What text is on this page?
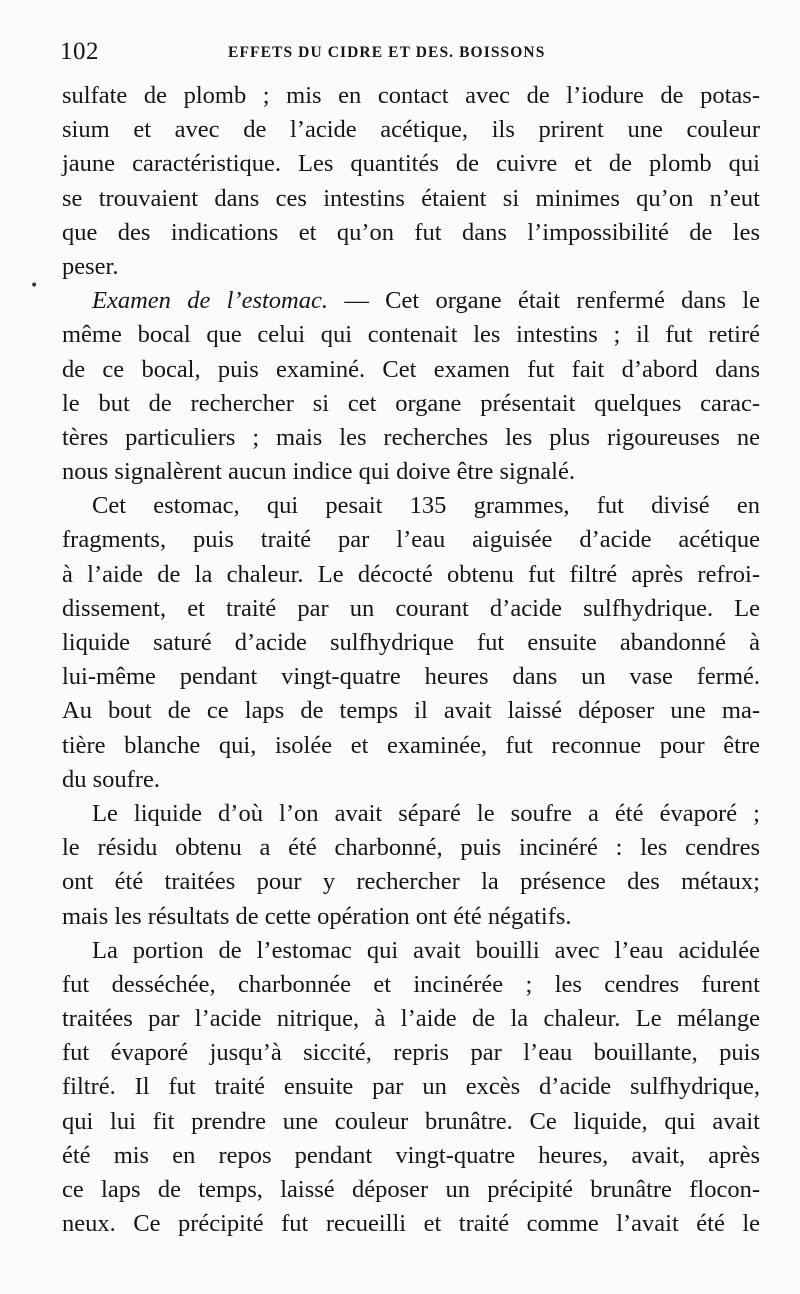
102	EFFETS DU CIDRE ET DES. BOISSONS
•
sulfate de plomb ; mis en contact avec de l’iodure de potas-
sium et avec de l’acide acétique, ils prirent une couleur
jaune caractéristique. Les quantités de cuivre et de plomb qui
se trouvaient dans ces intestins étaient si minimes qu’on n’eut
que des indications et qu’on fut dans l’impossibilité de les
peser.
Examen de l’estomac. — Cet organe était renfermé dans le
même bocal que celui qui contenait les intestins ; il fut retiré
de ce bocal, puis examiné. Cet examen fut fait d’abord dans
le but de rechercher si cet organe présentait quelques carac-
tères particuliers ; mais les recherches les plus rigoureuses ne
nous signalèrent aucun indice qui doive être signalé.
Cet estomac, qui pesait 135 grammes, fut divisé en
fragments, puis traité par l’eau aiguisée d’acide acétique
à l’aide de la chaleur. Le décocté obtenu fut filtré après refroi-
dissement, et traité par un courant d’acide sulfhydrique. Le
liquide saturé d’acide sulfhydrique fut ensuite abandonné à
lui-même pendant vingt-quatre heures dans un vase fermé.
Au bout de ce laps de temps il avait laissé déposer une ma-
tière blanche qui, isolée et examinée, fut reconnue pour être
du soufre.
Le liquide d’où l’on avait séparé le soufre a été évaporé ;
le résidu obtenu a été charbonné, puis incinéré : les cendres
ont été traitées pour y rechercher la présence des métaux;
mais les résultats de cette opération ont été négatifs.
La portion de l’estomac qui avait bouilli avec l’eau acidulée
fut desséchée, charbonnée et incinérée ; les cendres furent
traitées par l’acide nitrique, à l’aide de la chaleur. Le mélange
fut évaporé jusqu’à siccité, repris par l’eau bouillante, puis
filtré. Il fut traité ensuite par un excès d’acide sulfhydrique,
qui lui fit prendre une couleur brunâtre. Ce liquide, qui avait
été mis en repos pendant vingt-quatre heures, avait, après
ce laps de temps, laissé déposer un précipité brunâtre flocon-
neux. Ce précipité fut recueilli et traité comme l’avait été le
